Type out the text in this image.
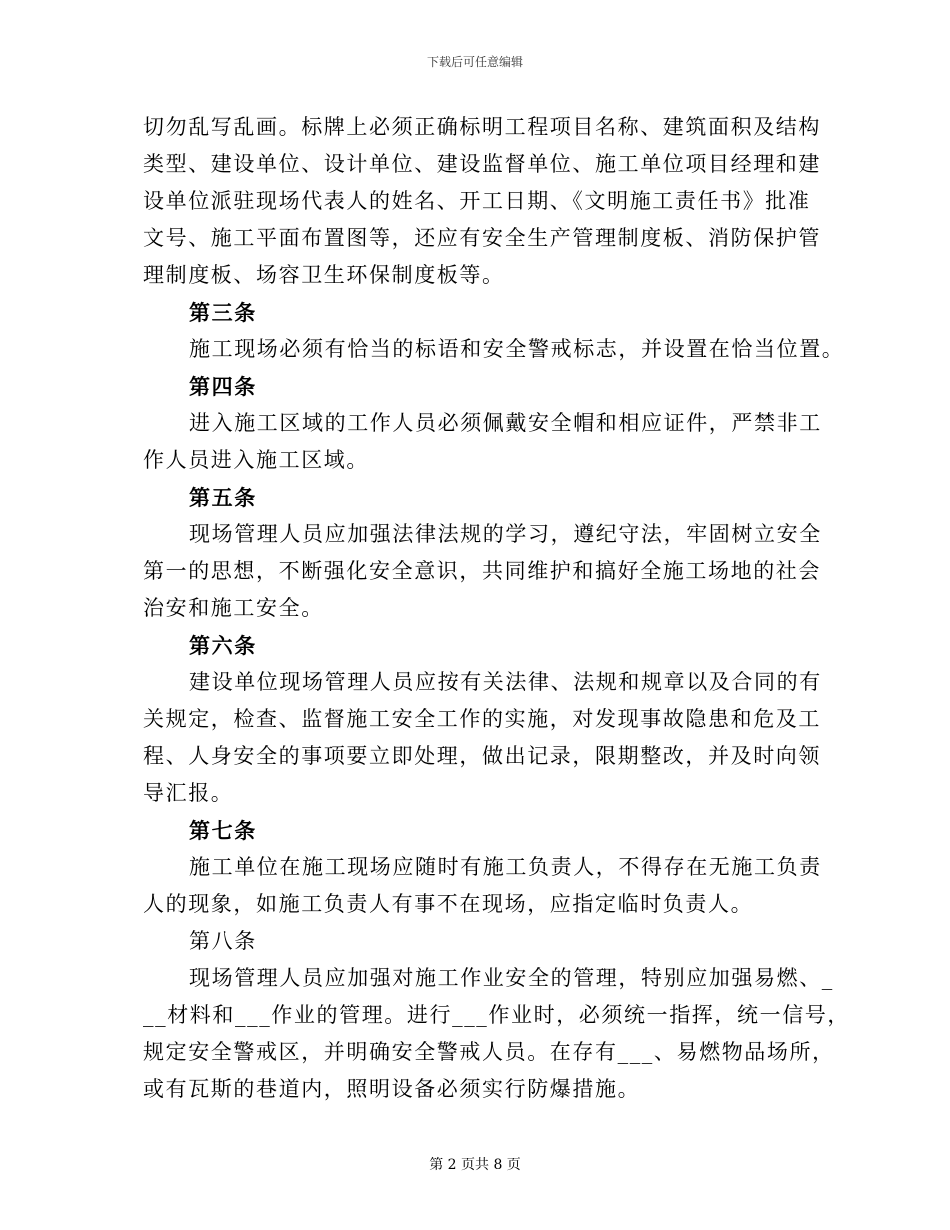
下载后可任意编辑
切勿乱写乱画。标牌上必须正确标明工程项目名称、建筑面积及结构
类型、建设单位、设计单位、建设监督单位、施工单位项目经理和建
设单位派驻现场代表人的姓名、开工日期、《文明施工责任书》批准
文号、施工平面布置图等，还应有安全生产管理制度板、消防保护管
理制度板、场容卫生环保制度板等。
第三条
施工现场必须有恰当的标语和安全警戒标志，并设置在恰当位置。
第四条
进入施工区域的工作人员必须佩戴安全帽和相应证件，严禁非工
作人员进入施工区域。
第五条
现场管理人员应加强法律法规的学习，遵纪守法，牢固树立安全
第一的思想，不断强化安全意识，共同维护和搞好全施工场地的社会
治安和施工安全。
第六条
建设单位现场管理人员应按有关法律、法规和规章以及合同的有
关规定，检查、监督施工安全工作的实施，对发现事故隐患和危及工
程、人身安全的事项要立即处理，做出记录，限期整改，并及时向领
导汇报。
第七条
施工单位在施工现场应随时有施工负责人，不得存在无施工负责
人的现象，如施工负责人有事不在现场，应指定临时负责人。
第八条
现场管理人员应加强对施工作业安全的管理，特别应加强易燃、_
__材料和___作业的管理。进行___作业时，必须统一指挥，统一信号，
规定安全警戒区，并明确安全警戒人员。在存有___、易燃物品场所，
或有瓦斯的巷道内，照明设备必须实行防爆措施。
第 2 页共 8 页
